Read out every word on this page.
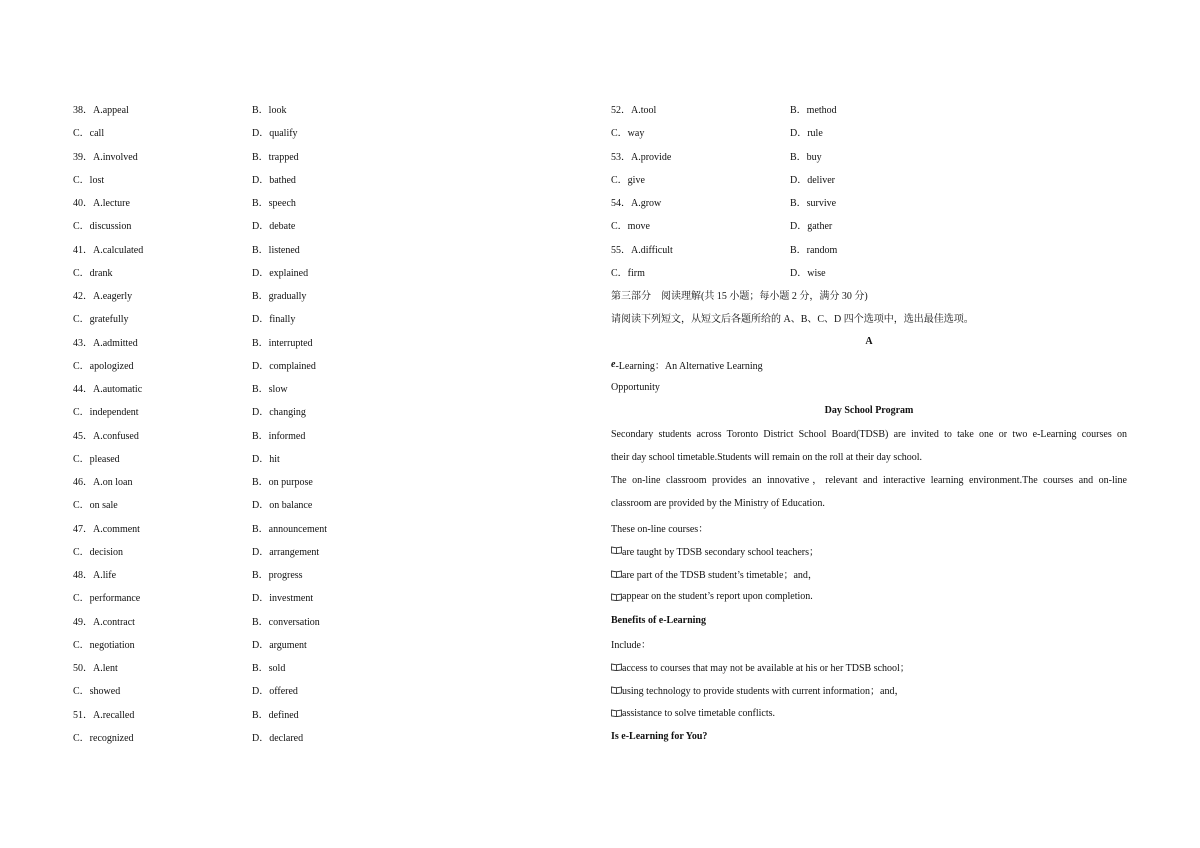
38．A.appeal	B．look
C．call	D．qualify
39．A.involved	B．trapped
C．lost	D．bathed
40．A.lecture	B．speech
C．discussion	D．debate
41．A.calculated	B．listened
C．drank	D．explained
42．A.eagerly	B．gradually
C．gratefully	D．finally
43．A.admitted	B．interrupted
C．apologized	D．complained
44．A.automatic	B．slow
C．independent	D．changing
45．A.confused	B．informed
C．pleased	D．hit
46．A.on loan	B．on purpose
C．on sale	D．on balance
47．A.comment	B．announcement
C．decision	D．arrangement
48．A.life	B．progress
C．performance	D．investment
49．A.contract	B．conversation
C．negotiation	D．argument
50．A.lent	B．sold
C．showed	D．offered
51．A.recalled	B．defined
C．recognized	D．declared
52．A.tool	B．method
C．way	D．rule
53．A.provide	B．buy
C．give	D．deliver
54．A.grow	B．survive
C．move	D．gather
55．A.difficult	B．random
C．firm	D．wise
第三部分　阅读理解(共 15 小题；每小题 2 分，满分 30 分)
请阅读下列短文，从短文后各题所给的 A、B、C、D 四个选项中，选出最佳选项。
A
e -Learning：An Alternative Learning
Opportunity
Day School Program
Secondary students across Toronto District School Board(TDSB) are invited to take one or two e-Learning courses on
their day school timetable.Students will remain on the roll at their day school.
The on-line classroom provides an innovative，relevant and interactive learning environment.The courses and on-line
classroom are provided by the Ministry of Education.
These on-line courses：
are taught by TDSB secondary school teachers；
are part of the TDSB student’s timetable；and，
appear on the student’s report upon completion.
Benefits of e-Learning
Include：
access to courses that may not be available at his or her TDSB school；
using technology to provide students with current information；and，
assistance to solve timetable conflicts.
Is e-Learning for You?
